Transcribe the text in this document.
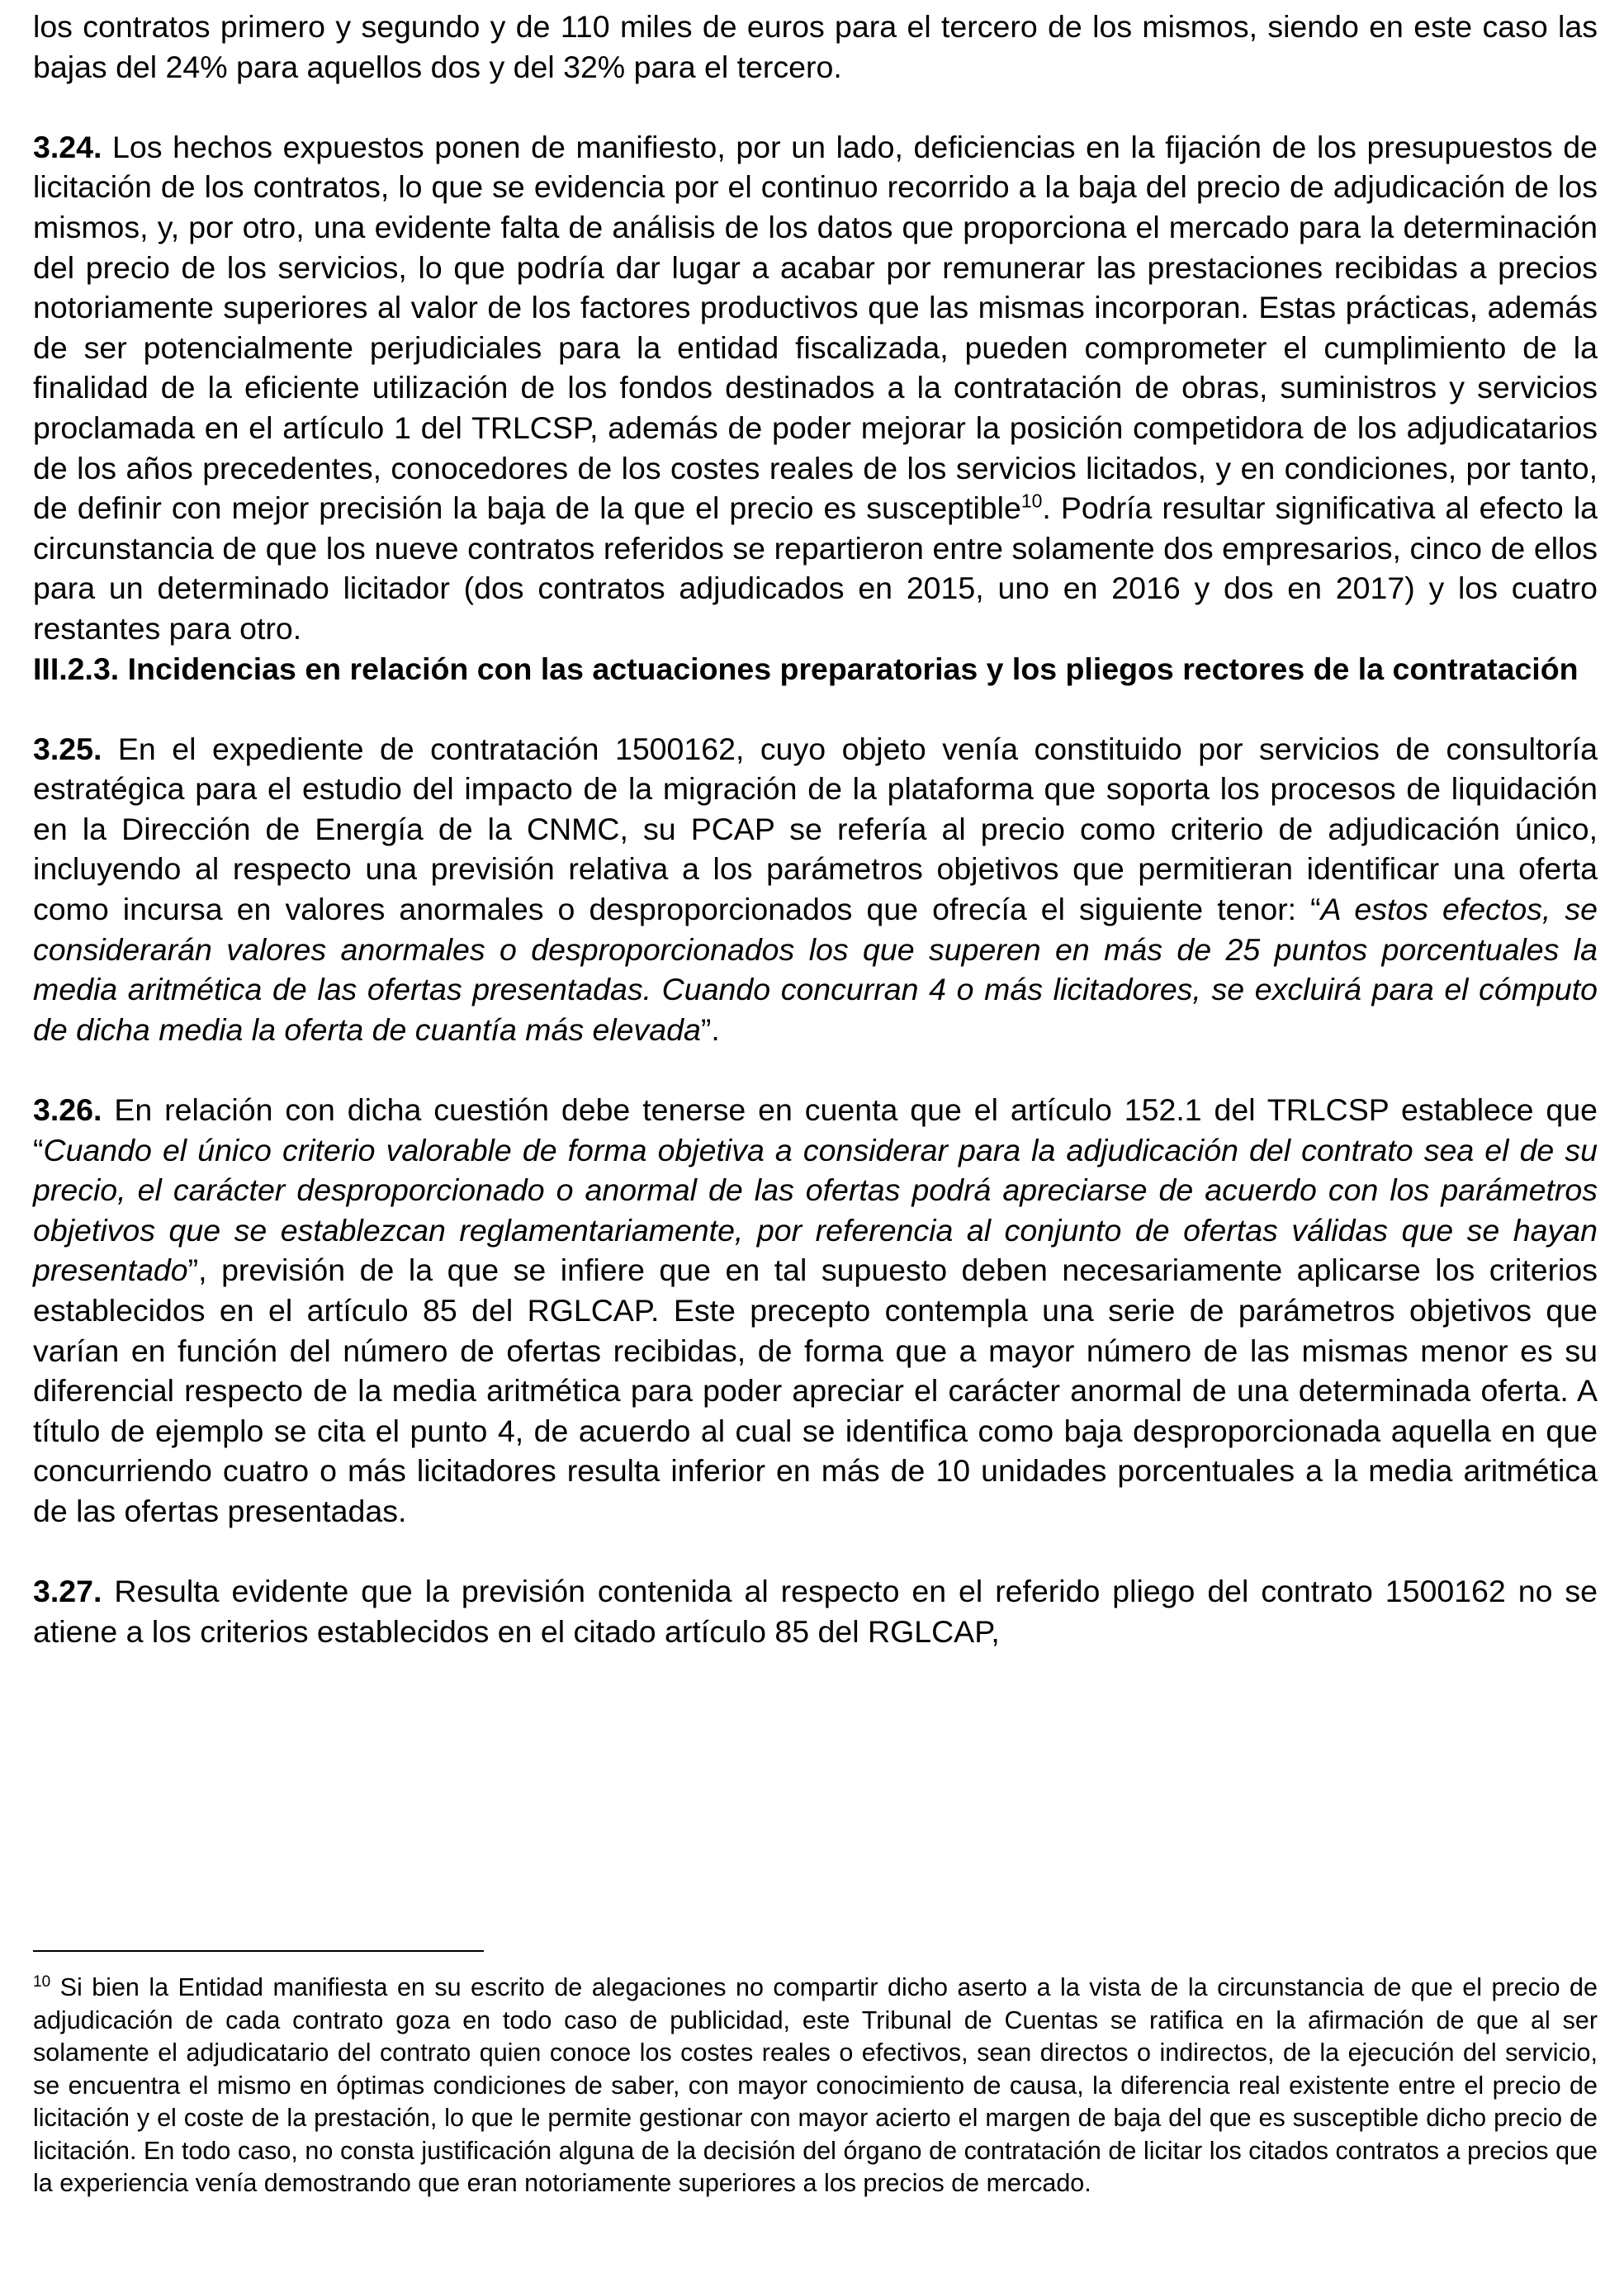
los contratos primero y segundo y de 110 miles de euros para el tercero de los mismos, siendo en este caso las bajas del 24% para aquellos dos y del 32% para el tercero.

3.24. Los hechos expuestos ponen de manifiesto, por un lado, deficiencias en la fijación de los presupuestos de licitación de los contratos, lo que se evidencia por el continuo recorrido a la baja del precio de adjudicación de los mismos, y, por otro, una evidente falta de análisis de los datos que proporciona el mercado para la determinación del precio de los servicios, lo que podría dar lugar a acabar por remunerar las prestaciones recibidas a precios notoriamente superiores al valor de los factores productivos que las mismas incorporan. Estas prácticas, además de ser potencialmente perjudiciales para la entidad fiscalizada, pueden comprometer el cumplimiento de la finalidad de la eficiente utilización de los fondos destinados a la contratación de obras, suministros y servicios proclamada en el artículo 1 del TRLCSP, además de poder mejorar la posición competidora de los adjudicatarios de los años precedentes, conocedores de los costes reales de los servicios licitados, y en condiciones, por tanto, de definir con mejor precisión la baja de la que el precio es susceptible$^{10}$. Podría resultar significativa al efecto la circunstancia de que los nueve contratos referidos se repartieron entre solamente dos empresarios, cinco de ellos para un determinado licitador (dos contratos adjudicados en 2015, uno en 2016 y dos en 2017) y los cuatro restantes para otro.

III.2.3. Incidencias en relación con las actuaciones preparatorias y los pliegos rectores de la contratación

3.25. En el expediente de contratación 1500162, cuyo objeto venía constituido por servicios de consultoría estratégica para el estudio del impacto de la migración de la plataforma que soporta los procesos de liquidación en la Dirección de Energía de la CNMC, su PCAP se refería al precio como criterio de adjudicación único, incluyendo al respecto una previsión relativa a los parámetros objetivos que permitieran identificar una oferta como incursa en valores anormales o desproporcionados que ofrecía el siguiente tenor: “A estos efectos, se considerarán valores anormales o desproporcionados los que superen en más de 25 puntos porcentuales la media aritmética de las ofertas presentadas. Cuando concurran 4 o más licitadores, se excluirá para el cómputo de dicha media la oferta de cuantía más elevada”.

3.26. En relación con dicha cuestión debe tenerse en cuenta que el artículo 152.1 del TRLCSP establece que “Cuando el único criterio valorable de forma objetiva a considerar para la adjudicación del contrato sea el de su precio, el carácter desproporcionado o anormal de las ofertas podrá apreciarse de acuerdo con los parámetros objetivos que se establezcan reglamentariamente, por referencia al conjunto de ofertas válidas que se hayan presentado”, previsión de la que se infiere que en tal supuesto deben necesariamente aplicarse los criterios establecidos en el artículo 85 del RGLCAP. Este precepto contempla una serie de parámetros objetivos que varían en función del número de ofertas recibidas, de forma que a mayor número de las mismas menor es su diferencial respecto de la media aritmética para poder apreciar el carácter anormal de una determinada oferta. A título de ejemplo se cita el punto 4, de acuerdo al cual se identifica como baja desproporcionada aquella en que concurriendo cuatro o más licitadores resulta inferior en más de 10 unidades porcentuales a la media aritmética de las ofertas presentadas.

3.27. Resulta evidente que la previsión contenida al respecto en el referido pliego del contrato 1500162 no se atiene a los criterios establecidos en el citado artículo 85 del RGLCAP,

$^{10}$ Si bien la Entidad manifiesta en su escrito de alegaciones no compartir dicho aserto a la vista de la circunstancia de que el precio de adjudicación de cada contrato goza en todo caso de publicidad, este Tribunal de Cuentas se ratifica en la afirmación de que al ser solamente el adjudicatario del contrato quien conoce los costes reales o efectivos, sean directos o indirectos, de la ejecución del servicio, se encuentra el mismo en óptimas condiciones de saber, con mayor conocimiento de causa, la diferencia real existente entre el precio de licitación y el coste de la prestación, lo que le permite gestionar con mayor acierto el margen de baja del que es susceptible dicho precio de licitación. En todo caso, no consta justificación alguna de la decisión del órgano de contratación de licitar los citados contratos a precios que la experiencia venía demostrando que eran notoriamente superiores a los precios de mercado.
